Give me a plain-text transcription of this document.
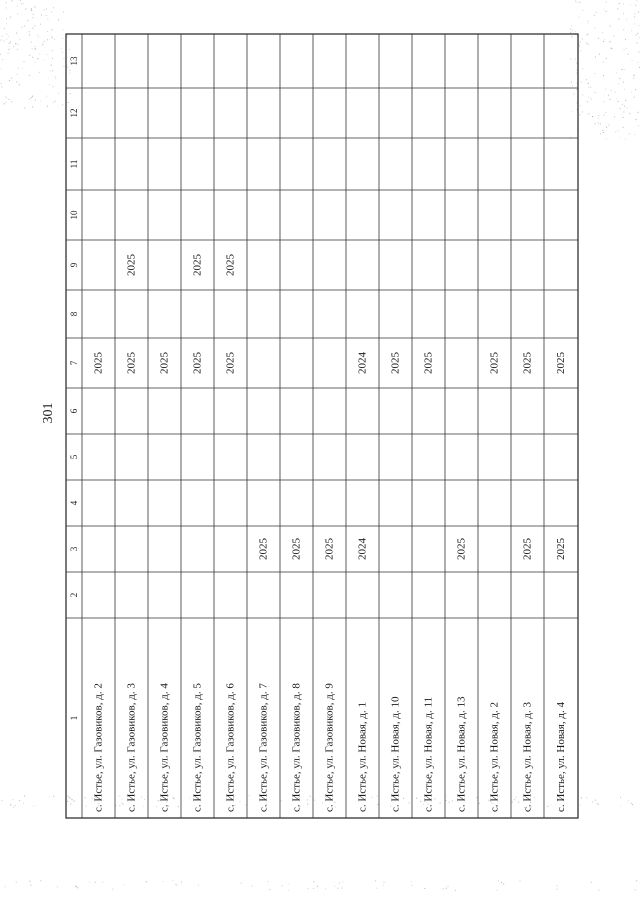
301
1
2
3
4
5
6
7
8
9
10
11
12
13
с. Истье, ул. Газовиков, д. 2
2025
с. Истье, ул. Газовиков, д. 3
2025
2025
с. Истье, ул. Газовиков, д. 4
2025
с. Истье, ул. Газовиков, д. 5
2025
2025
с. Истье, ул. Газовиков, д. 6
2025
2025
с. Истье, ул. Газовиков, д. 7
2025
с. Истье, ул. Газовиков, д. 8
2025
с. Истье, ул. Газовиков, д. 9
2025
с. Истье, ул. Новая, д. 1
2024
2024
с. Истье, ул. Новая, д. 10
2025
с. Истье, ул. Новая, д. 11
2025
с. Истье, ул. Новая, д. 13
2025
с. Истье, ул. Новая, д. 2
2025
с. Истье, ул. Новая, д. 3
2025
2025
с. Истье, ул. Новая, д. 4
2025
2025
